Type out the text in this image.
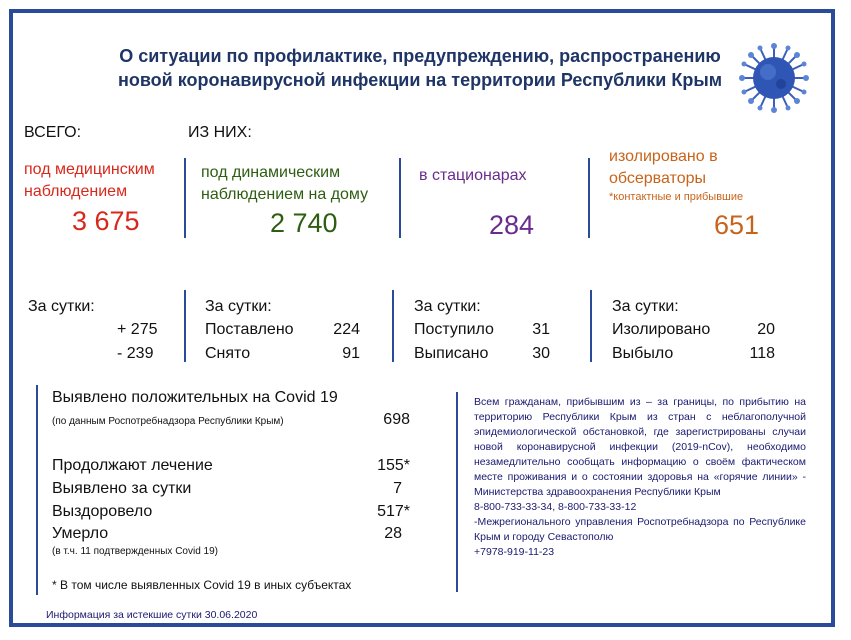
О ситуации по профилактике, предупреждению, распространению
новой коронавирусной инфекции на территории Республики Крым
ВСЕГО:	ИЗ НИХ:
под медицинским
наблюдением
3 675
под динамическим
наблюдением на дому
2 740
в стационарах
284
изолировано в
обсерваторы
*контактные и прибывшие
651
За сутки:
+ 275
- 239
За сутки:
Поставлено	224
Снято	91
За сутки:
Поступило	31
Выписано	30
За сутки:
Изолировано	20
Выбыло	118
Выявлено положительных на Covid 19
(по данным Роспотребнадзора Республики Крым)	698
Продолжают лечение	155*
Выявлено за сутки	7
Выздоровело	517*
Умерло	28
(в т.ч. 11 подтвержденных Covid 19)
* В том числе выявленных Covid 19 в иных субъектах
Всем гражданам, прибывшим из – за границы, по прибытию на территорию Республики Крым из стран с неблагополучной эпидемиологической обстановкой, где зарегистрированы случаи новой коронавирусной инфекции (2019-nCov), необходимо незамедлительно сообщать информацию о своём фактическом месте проживания и о состоянии здоровья на «горячие линии» - Министерства здравоохранения Республики Крым
8-800-733-33-34, 8-800-733-33-12
-Межрегионального управления Роспотребнадзора по Республике Крым и городу Севастополю
+7978-919-11-23
Информация за истекшие сутки 30.06.2020
